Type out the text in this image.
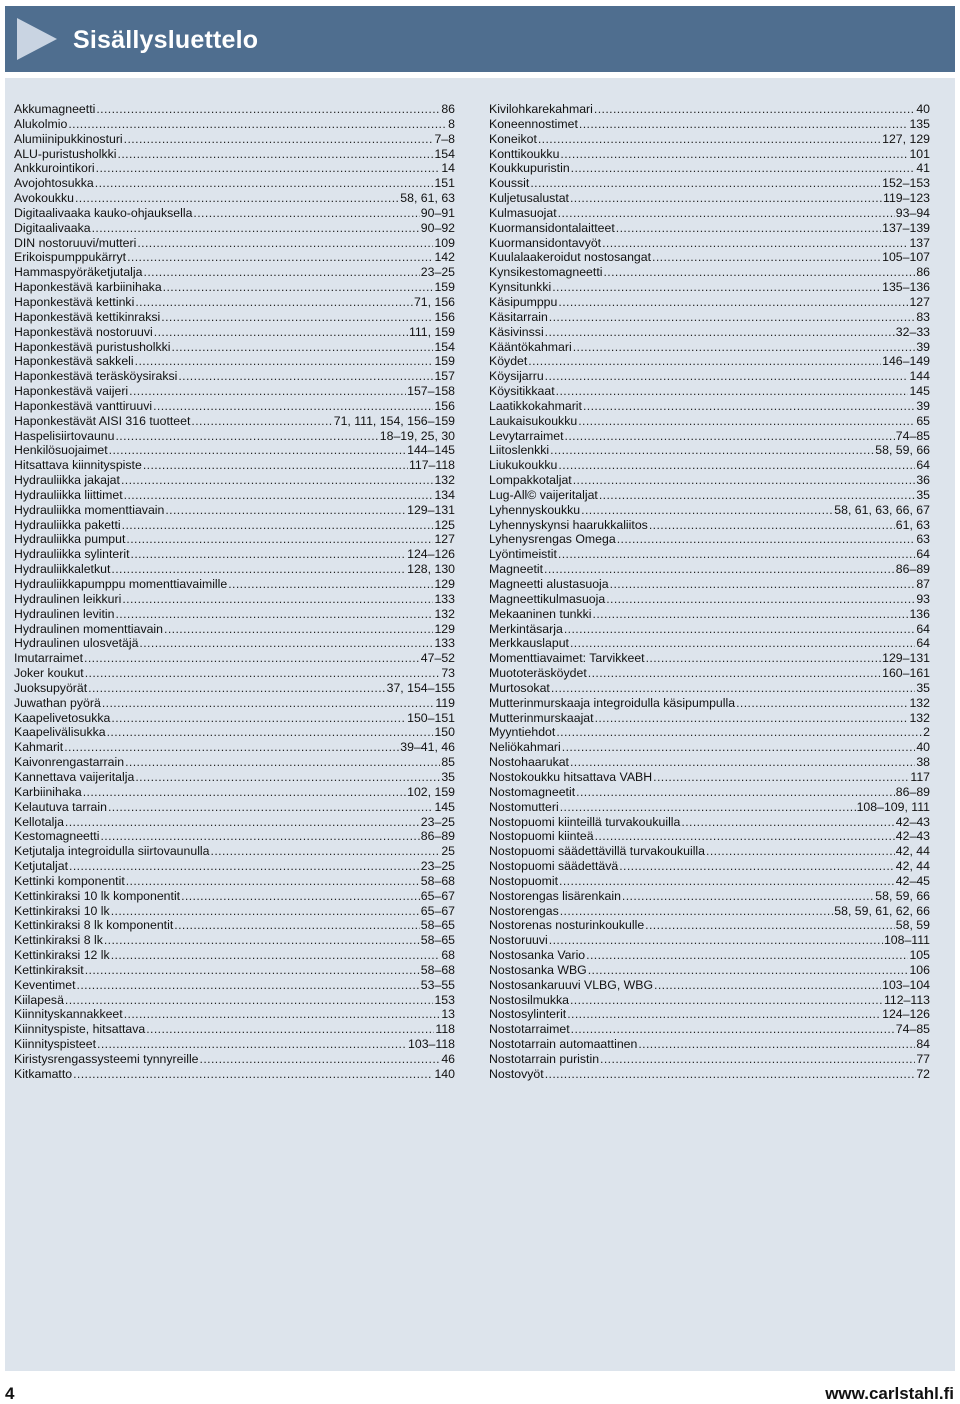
Sisällysluettelo
Akkumagneetti .....	86
Alukolmio .....	8
Alumiinipukkinosturi .....	7–8
ALU-puristusholkki .....	154
Ankkurointikori .....	14
Avojohtosukka .....	151
Avokoukku .....	58, 61, 63
Digitaalivaaka kauko-ohjauksella .....	90–91
Digitaalivaaka .....	90–92
DIN nostoruuvi/mutteri .....	109
Erikoispumppukärryt .....	142
Hammaspyöräketjutalja .....	23–25
Haponkestävä karbiinihaka .....	159
Haponkestävä kettinki .....	71, 156
Haponkestävä kettikinraksi .....	156
Haponkestävä nostoruuvi .....	111, 159
Haponkestävä puristusholkki .....	154
Haponkestävä sakkeli .....	159
Haponkestävä teräsköysiraksi .....	157
Haponkestävä vaijeri .....	157–158
Haponkestävä vanttiruuvi .....	156
Haponkestävät AISI 316 tuotteet .....	71, 111, 154, 156–159
Haspelisiirtovaunu .....	18–19, 25, 30
Henkilösuojaimet .....	144–145
Hitsattava kiinnityspiste .....	117–118
Hydrauliikka jakajat .....	132
Hydrauliikka liittimet .....	134
Hydrauliikka momenttiavain .....	129–131
Hydrauliikka paketti .....	125
Hydrauliikka pumput .....	127
Hydrauliikka sylinterit .....	124–126
Hydrauliikkaletkut .....	128, 130
Hydrauliikkapumppu momenttiavaimille .....	129
Hydraulinen leikkuri .....	133
Hydraulinen levitin .....	132
Hydraulinen momenttiavain .....	129
Hydraulinen ulosvetäjä .....	133
Imutarraimet .....	47–52
Joker koukut .....	73
Juoksupyörät .....	37, 154–155
Juwathan pyörä .....	119
Kaapelivetosukka .....	150–151
Kaapelivälisukka .....	150
Kahmarit .....	39–41, 46
Kaivonrengastarrain .....	85
Kannettava vaijeritalja .....	35
Karbiinihaka .....	102, 159
Kelautuva tarrain .....	145
Kellotalja .....	23–25
Kestomagneetti .....	86–89
Ketjutalja integroidulla siirtovaunulla .....	25
Ketjutaljat .....	23–25
Kettinki komponentit .....	58–68
Kettinkiraksi 10 lk komponentit .....	65–67
Kettinkiraksi 10 lk .....	65–67
Kettinkiraksi 8 lk komponentit .....	58–65
Kettinkiraksi 8 lk .....	58–65
Kettinkiraksi 12 lk .....	68
Kettinkiraksit .....	58–68
Keventimet .....	53–55
Kiilapesä .....	153
Kiinnityskannakkeet .....	13
Kiinnityspiste, hitsattava .....	118
Kiinnityspisteet .....	103–118
Kiristysrengassysteemi tynnyreille .....	46
Kitkamatto .....	140
Kivilohkarekahmari .....	40
Koneennostimet .....	135
Koneikot .....	127, 129
Konttikoukku .....	101
Koukkupuristin .....	41
Koussit .....	152–153
Kuljetusalustat .....	119–123
Kulmasuojat .....	93–94
Kuormansidontalaitteet .....	137–139
Kuormansidontavyöt .....	137
Kuulalaakeroidut nostosangat .....	105–107
Kynsikestomagneetti .....	86
Kynsitunkki .....	135–136
Käsipumppu .....	127
Käsitarrain .....	83
Käsivinssi .....	32–33
Kääntökahmari .....	39
Köydet .....	146–149
Köysijarru .....	144
Köysitikkaat .....	145
Laatikkokahmarit .....	39
Laukaisukoukku .....	65
Levytarraimet .....	74–85
Liitoslenkki .....	58, 59, 66
Liukukoukku .....	64
Lompakkotaljat .....	36
Lug-All© vaijeritaljat .....	35
Lyhennyskoukku .....	58, 61, 63, 66, 67
Lyhennyskynsi haarukkaliitos .....	61, 63
Lyhenysrengas Omega .....	63
Lyöntimeistit .....	64
Magneetit .....	86–89
Magneetti alustasuoja .....	87
Magneettikulmasuoja .....	93
Mekaaninen tunkki .....	136
Merkintäsarja .....	64
Merkkauslaput .....	64
Momenttiavaimet: Tarvikkeet .....	129–131
Muototeräsköydet .....	160–161
Murtosokat .....	35
Mutterinmurskaaja integroidulla käsipumpulla .....	132
Mutterinmurskaajat .....	132
Myyntiehdot .....	2
Neliökahmari .....	40
Nostohaarukat .....	38
Nostokoukku hitsattava VABH .....	117
Nostomagneetit .....	86–89
Nostomutteri .....	108–109, 111
Nostopuomi kiinteillä turvakoukuilla .....	42–43
Nostopuomi kiinteä .....	42–43
Nostopuomi säädettävillä turvakoukuilla .....	42, 44
Nostopuomi säädettävä .....	42, 44
Nostopuomit .....	42–45
Nostorengas lisärenkain .....	58, 59, 66
Nostorengas .....	58, 59, 61, 62, 66
Nostorenas nosturinkoukulle .....	58, 59
Nostoruuvi .....	108–111
Nostosanka Vario .....	105
Nostosanka WBG .....	106
Nostosankaruuvi VLBG, WBG .....	103–104
Nostosilmukka .....	112–113
Nostosylinterit .....	124–126
Nostotarraimet .....	74–85
Nostotarrain automaattinen .....	84
Nostotarrain puristin .....	77
Nostovyöt .....	72
4	www.carlstahl.fi
